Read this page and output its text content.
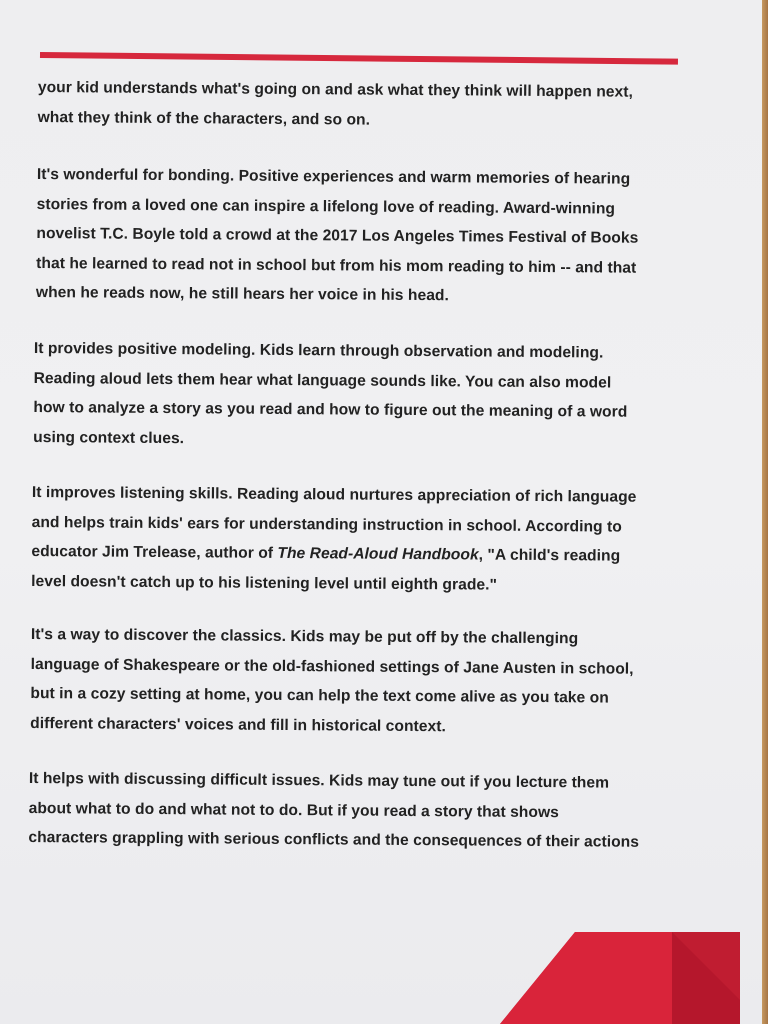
your kid understands what's going on and ask what they think will happen next,
what they think of the characters, and so on.

It's wonderful for bonding. Positive experiences and warm memories of hearing
stories from a loved one can inspire a lifelong love of reading. Award-winning
novelist T.C. Boyle told a crowd at the 2017 Los Angeles Times Festival of Books
that he learned to read not in school but from his mom reading to him -- and that
when he reads now, he still hears her voice in his head.

It provides positive modeling. Kids learn through observation and modeling.
Reading aloud lets them hear what language sounds like. You can also model
how to analyze a story as you read and how to figure out the meaning of a word
using context clues.

It improves listening skills. Reading aloud nurtures appreciation of rich language
and helps train kids' ears for understanding instruction in school. According to
educator Jim Trelease, author of The Read-Aloud Handbook, "A child's reading
level doesn't catch up to his listening level until eighth grade."

It's a way to discover the classics. Kids may be put off by the challenging
language of Shakespeare or the old-fashioned settings of Jane Austen in school,
but in a cozy setting at home, you can help the text come alive as you take on
different characters' voices and fill in historical context.

It helps with discussing difficult issues. Kids may tune out if you lecture them
about what to do and what not to do. But if you read a story that shows
characters grappling with serious conflicts and the consequences of their actions
